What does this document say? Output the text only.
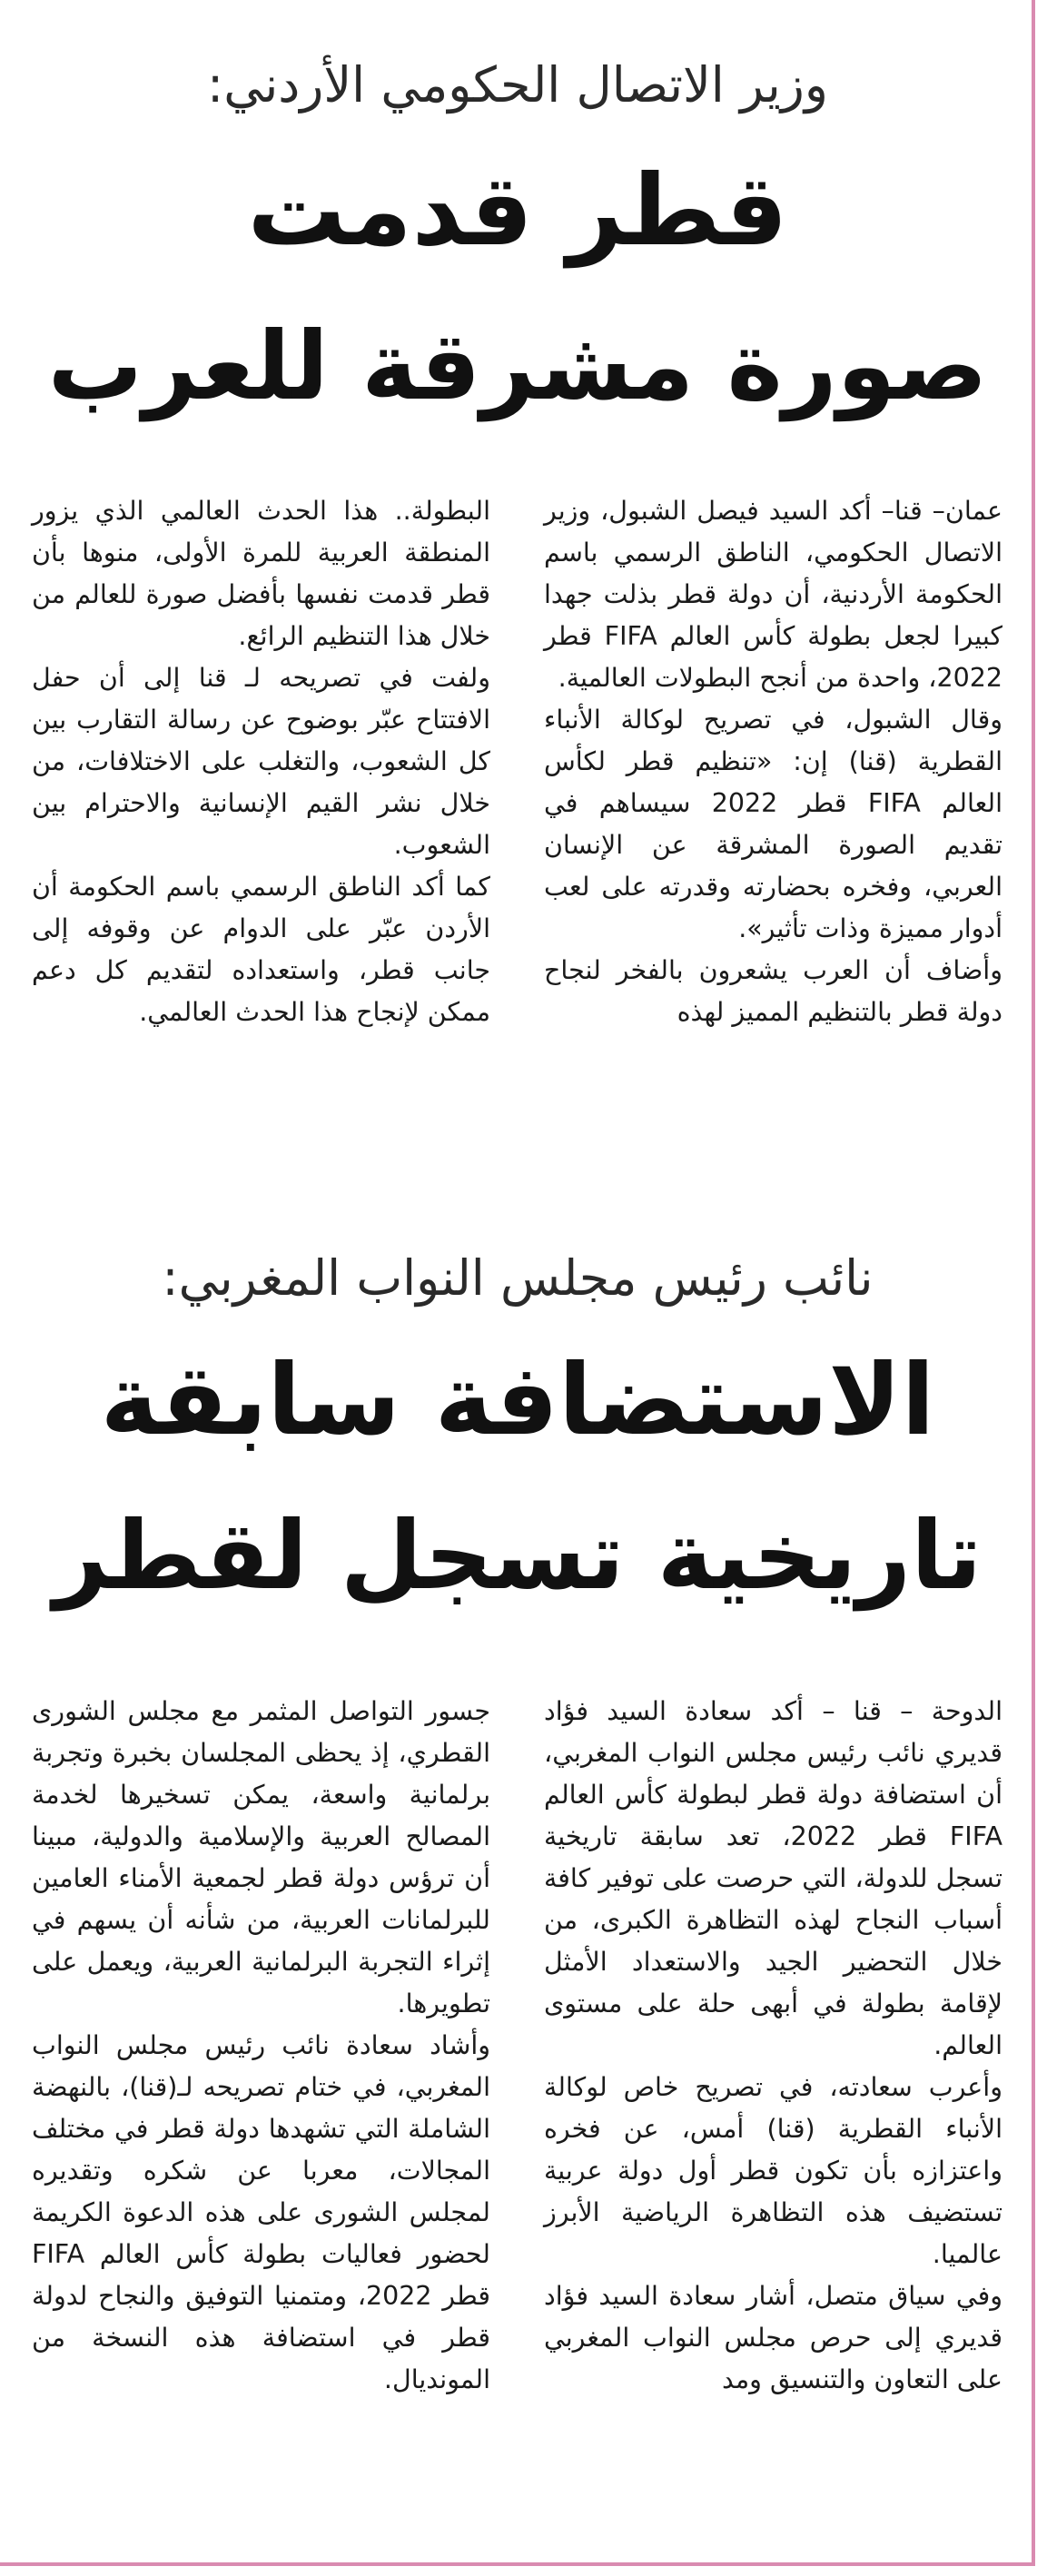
وزير الاتصال الحكومي الأردني:
قطر قدمت
صورة مشرقة للعرب

عمان– قنا– أكد السيد فيصل الشبول، وزير الاتصال الحكومي، الناطق الرسمي باسم الحكومة الأردنية، أن دولة قطر بذلت جهدا كبيرا لجعل بطولة كأس العالم FIFA قطر 2022، واحدة من أنجح البطولات العالمية.

وقال الشبول، في تصريح لوكالة الأنباء القطرية (قنا) إن: «تنظيم قطر لكأس العالم FIFA قطر 2022 سيساهم في تقديم الصورة المشرقة عن الإنسان العربي، وفخره بحضارته وقدرته على لعب أدوار مميزة وذات تأثير».

وأضاف أن العرب يشعرون بالفخر لنجاح دولة قطر بالتنظيم المميز لهذه

البطولة.. هذا الحدث العالمي الذي يزور المنطقة العربية للمرة الأولى، منوها بأن قطر قدمت نفسها بأفضل صورة للعالم من خلال هذا التنظيم الرائع.

ولفت في تصريحه لـ قنا إلى أن حفل الافتتاح عبّر بوضوح عن رسالة التقارب بين كل الشعوب، والتغلب على الاختلافات، من خلال نشر القيم الإنسانية والاحترام بين الشعوب.

كما أكد الناطق الرسمي باسم الحكومة أن الأردن عبّر على الدوام عن وقوفه إلى جانب قطر، واستعداده لتقديم كل دعم ممكن لإنجاح هذا الحدث العالمي.

نائب رئيس مجلس النواب المغربي:
الاستضافة سابقة
تاريخية تسجل لقطر

الدوحة – قنا – أكد سعادة السيد فؤاد قديري نائب رئيس مجلس النواب المغربي، أن استضافة دولة قطر لبطولة كأس العالم FIFA قطر 2022، تعد سابقة تاريخية تسجل للدولة، التي حرصت على توفير كافة أسباب النجاح لهذه التظاهرة الكبرى، من خلال التحضير الجيد والاستعداد الأمثل لإقامة بطولة في أبهى حلة على مستوى العالم.

وأعرب سعادته، في تصريح خاص لوكالة الأنباء القطرية (قنا) أمس، عن فخره واعتزازه بأن تكون قطر أول دولة عربية تستضيف هذه التظاهرة الرياضية الأبرز عالميا.

وفي سياق متصل، أشار سعادة السيد فؤاد قديري إلى حرص مجلس النواب المغربي على التعاون والتنسيق ومد

جسور التواصل المثمر مع مجلس الشورى القطري، إذ يحظى المجلسان بخبرة وتجربة برلمانية واسعة، يمكن تسخيرها لخدمة المصالح العربية والإسلامية والدولية، مبينا أن ترؤس دولة قطر لجمعية الأمناء العامين للبرلمانات العربية، من شأنه أن يسهم في إثراء التجربة البرلمانية العربية، ويعمل على تطويرها.

وأشاد سعادة نائب رئيس مجلس النواب المغربي، في ختام تصريحه لـ(قنا)، بالنهضة الشاملة التي تشهدها دولة قطر في مختلف المجالات، معربا عن شكره وتقديره لمجلس الشورى على هذه الدعوة الكريمة لحضور فعاليات بطولة كأس العالم FIFA قطر 2022، ومتمنيا التوفيق والنجاح لدولة قطر في استضافة هذه النسخة من المونديال.
